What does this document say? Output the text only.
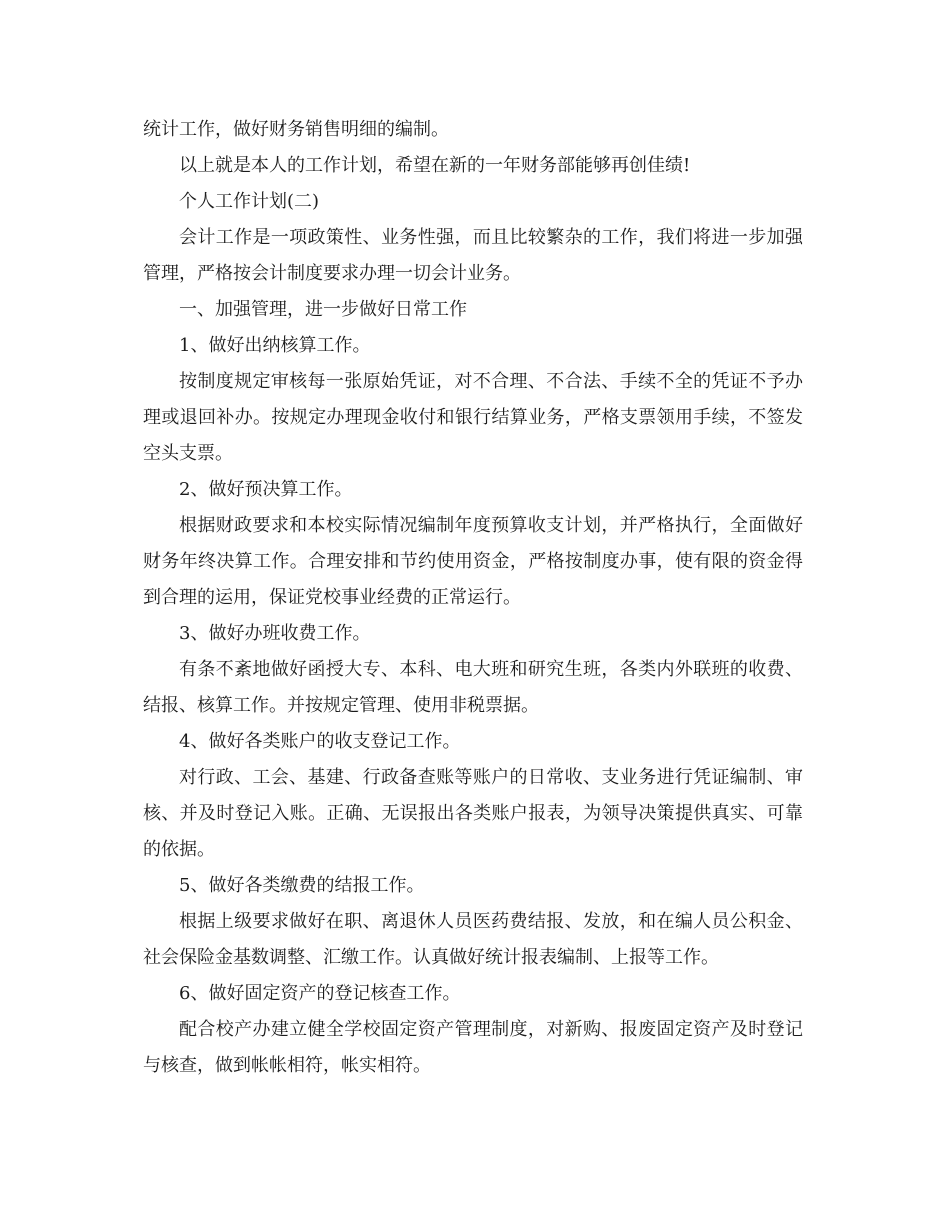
统计工作，做好财务销售明细的编制。

以上就是本人的工作计划，希望在新的一年财务部能够再创佳绩!

个人工作计划(二)

会计工作是一项政策性、业务性强，而且比较繁杂的工作，我们将进一步加强管理，严格按会计制度要求办理一切会计业务。

一、加强管理，进一步做好日常工作

1、做好出纳核算工作。

按制度规定审核每一张原始凭证，对不合理、不合法、手续不全的凭证不予办理或退回补办。按规定办理现金收付和银行结算业务，严格支票领用手续，不签发空头支票。

2、做好预决算工作。

根据财政要求和本校实际情况编制年度预算收支计划，并严格执行，全面做好财务年终决算工作。合理安排和节约使用资金，严格按制度办事，使有限的资金得到合理的运用，保证党校事业经费的正常运行。

3、做好办班收费工作。

有条不紊地做好函授大专、本科、电大班和研究生班，各类内外联班的收费、结报、核算工作。并按规定管理、使用非税票据。

4、做好各类账户的收支登记工作。

对行政、工会、基建、行政备查账等账户的日常收、支业务进行凭证编制、审核、并及时登记入账。正确、无误报出各类账户报表，为领导决策提供真实、可靠的依据。

5、做好各类缴费的结报工作。

根据上级要求做好在职、离退休人员医药费结报、发放，和在编人员公积金、社会保险金基数调整、汇缴工作。认真做好统计报表编制、上报等工作。

6、做好固定资产的登记核查工作。

配合校产办建立健全学校固定资产管理制度，对新购、报废固定资产及时登记与核查，做到帐帐相符，帐实相符。
